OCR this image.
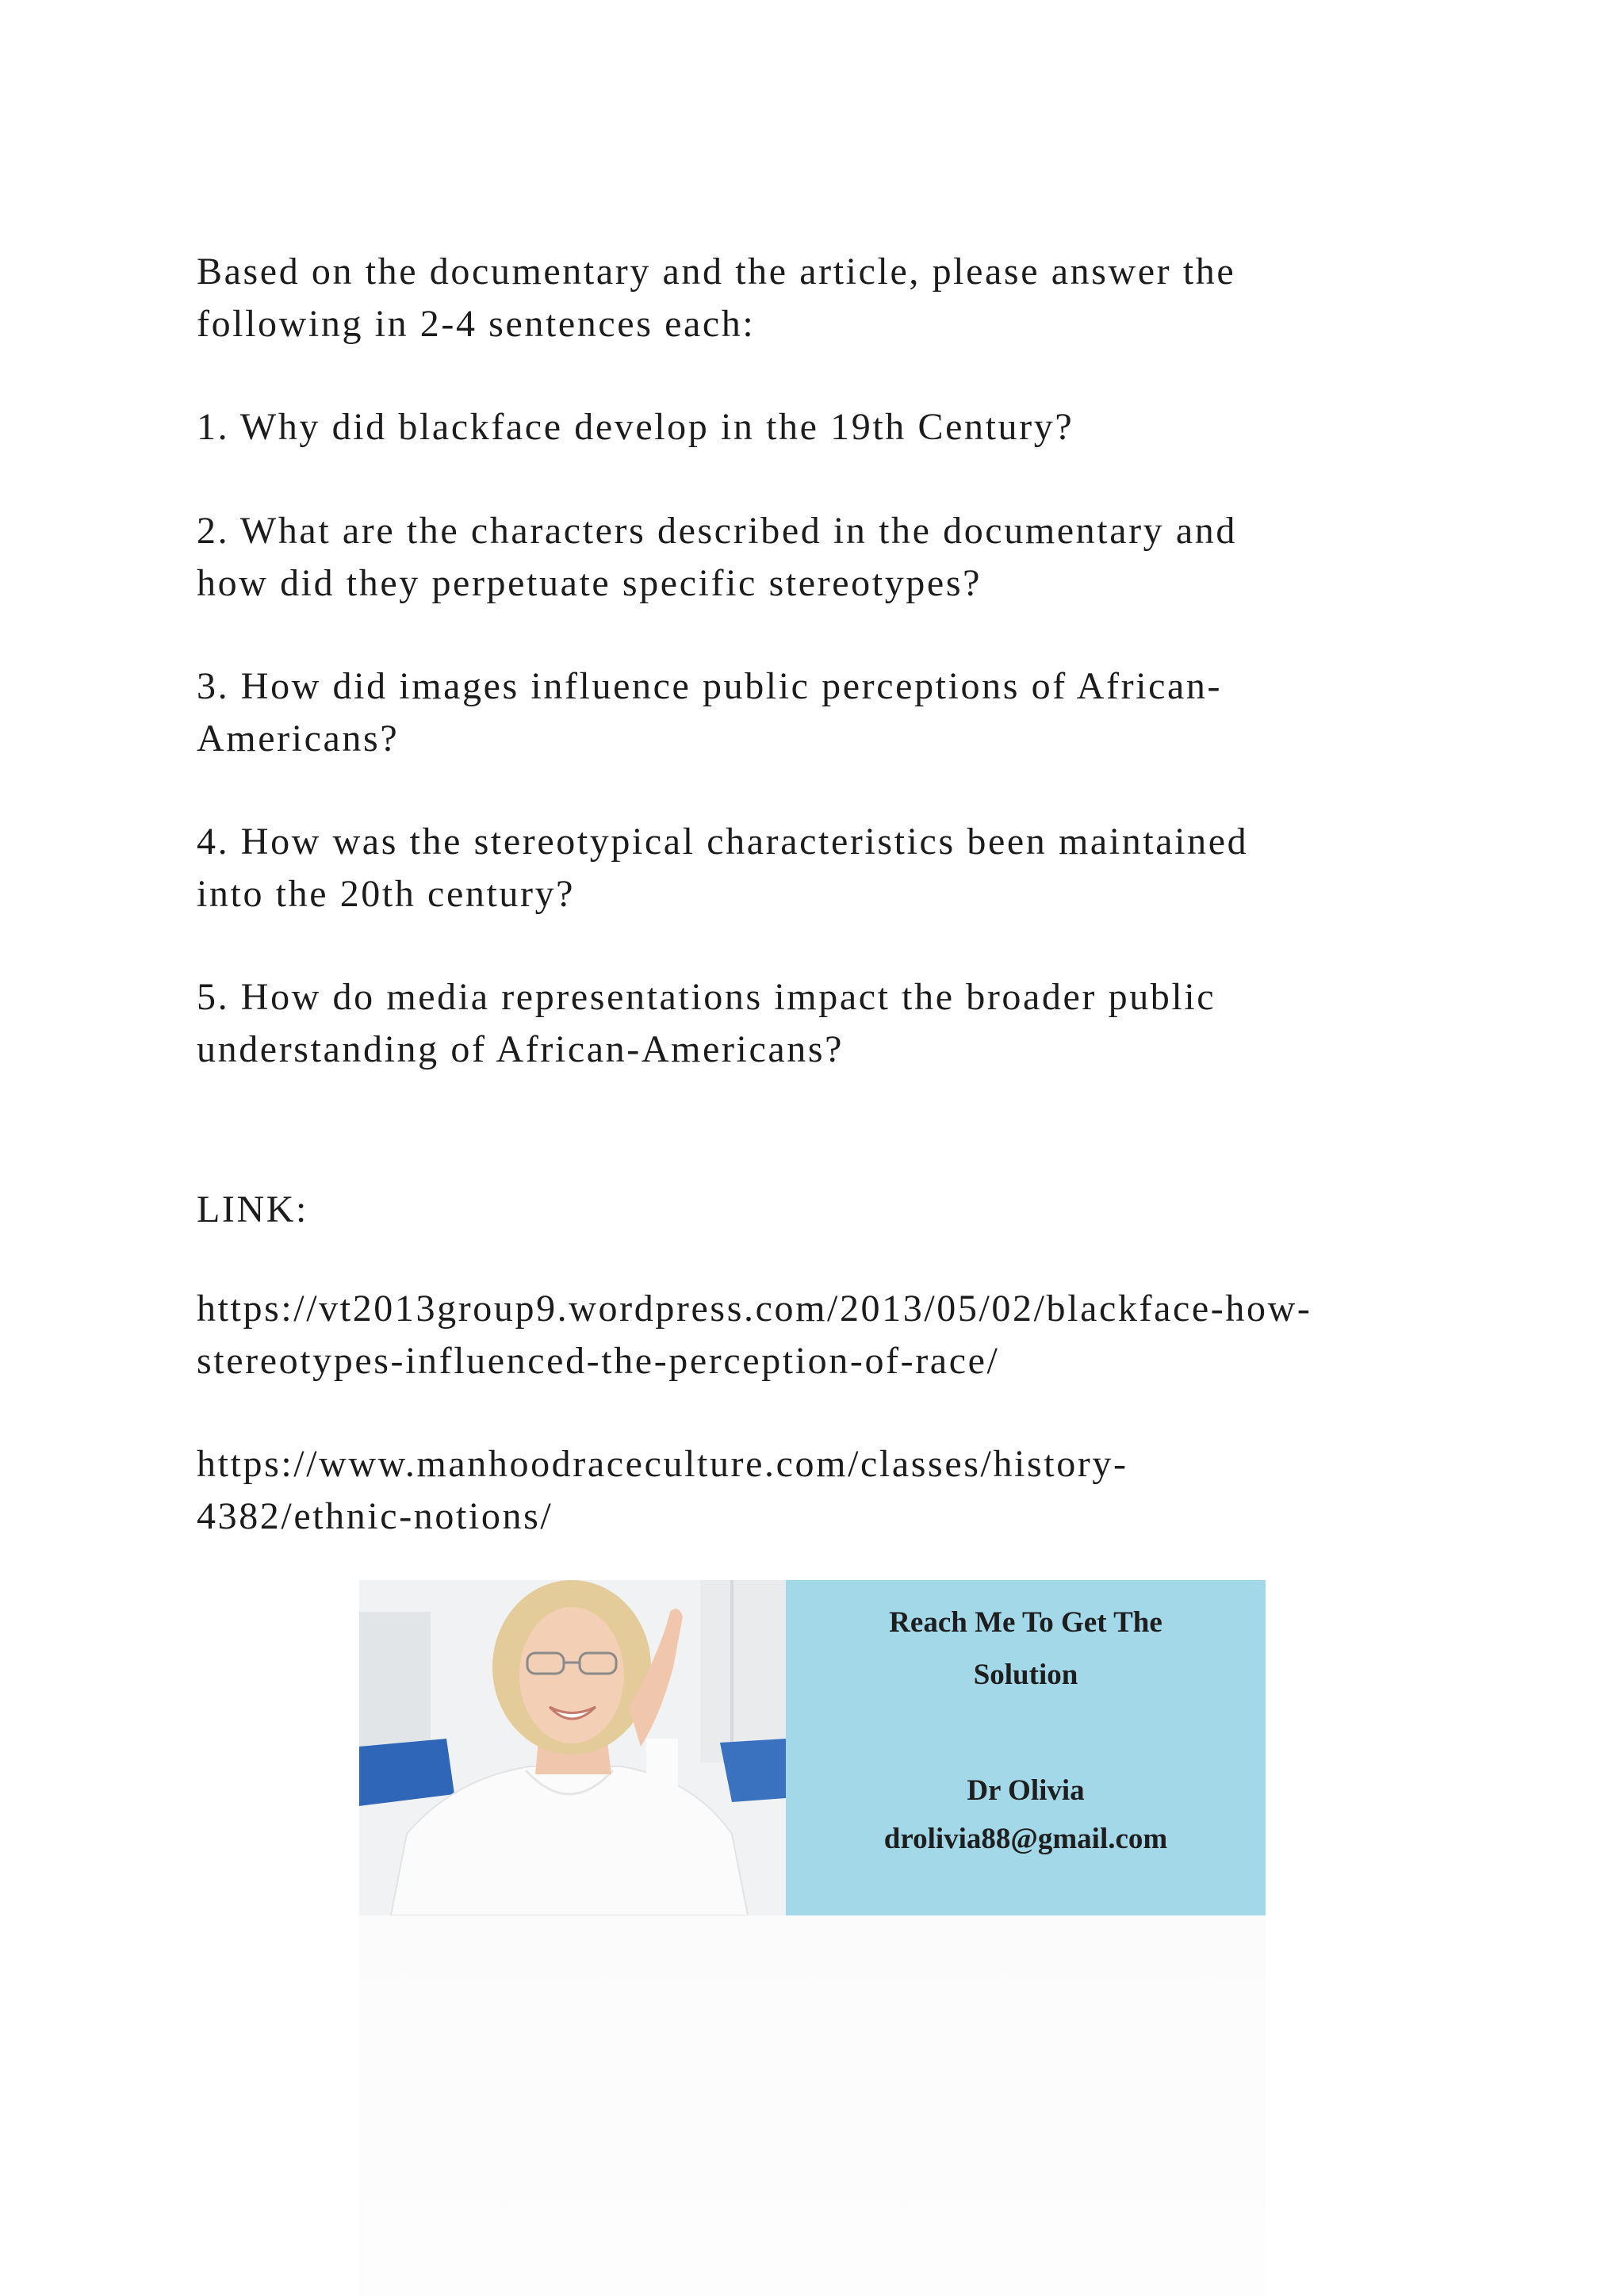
Based on the documentary and the article, please answer the
following in 2-4 sentences each:
1. Why did blackface develop in the 19th Century?
2. What are the characters described in the documentary and
how did they perpetuate specific stereotypes?
3. How did images influence public perceptions of African-
Americans?
4. How was the stereotypical characteristics been maintained
into the 20th century?
5. How do media representations impact the broader public
understanding of African-Americans?
LINK:
https://vt2013group9.wordpress.com/2013/05/02/blackface-how-
stereotypes-influenced-the-perception-of-race/
https://www.manhoodraceculture.com/classes/history-
4382/ethnic-notions/
Reach Me To Get The
Solution
Dr Olivia
drolivia88@gmail.com
